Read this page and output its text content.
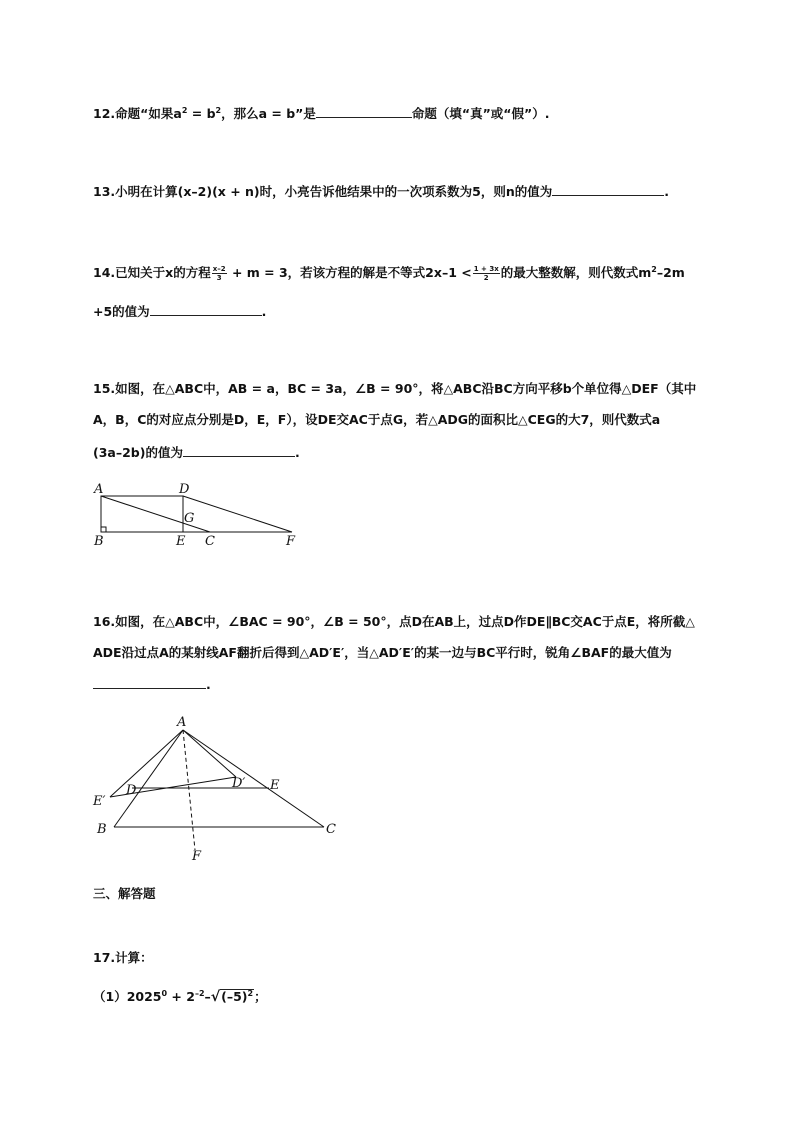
12.命题“如果$a^2 = b^2$，那么a = b”是	命题（填“真”或“假”）.
13.小明在计算(x–2)(x + n)时，小亮告诉他结果中的一次项系数为5，则n的值为	.
14.已知关于x的方程 $\frac{x-2}{3} + m = 3$，若该方程的解是不等式$2x-1 < \frac{1 + 3x}{2}$ 的最大整数解，则代数式$m^2-2m$
+5的值为	.
15.如图，在△ABC中，AB = a，BC = 3a，∠B = 90°，将△ABC沿BC方向平移b个单位得△DEF（其中
A，B，C的对应点分别是D，E，F），设DE交AC于点G，若△ADG的面积比△CEG的大7，则代数式a
(3a–2b)的值为	.
A	D
G
B	E C	F
16.如图，在△ABC中，∠BAC = 90°，∠B = 50°，点D在AB上，过点D作DE∥BC交AC于点E，将所截△
ADE沿过点A的某射线AF翻折后得到△AD′E′，当△AD′E′的某一边与BC平行时，锐角∠BAF的最大值为
.
A
D′ E
E′
D
B	C
F
三、解答题
17.计算：
$(1)2025^0 + 2^{-2}-√(-5)^2$；
